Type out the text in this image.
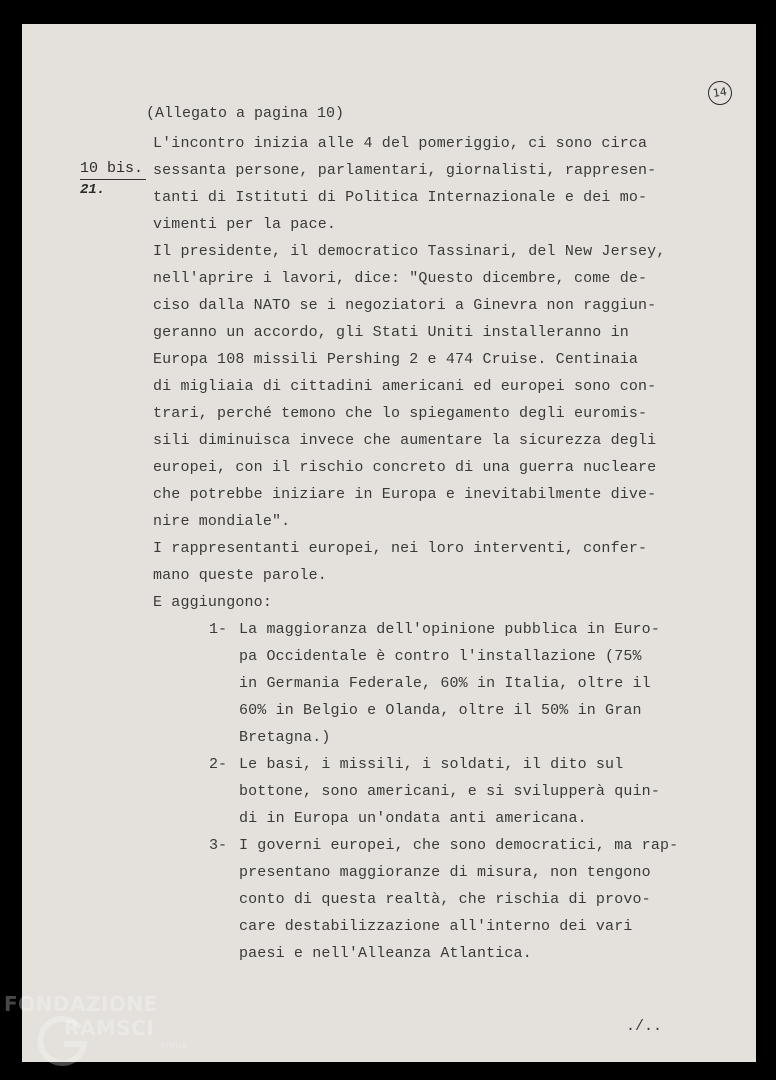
14
(Allegato a pagina 10)
10 bis.
21.
L'incontro inizia alle 4 del pomeriggio, ci sono circa
sessanta persone, parlamentari, giornalisti, rappresen-
tanti di Istituti di Politica Internazionale e dei mo-
vimenti per la pace.
Il presidente, il democratico Tassinari, del New Jersey,
nell'aprire i lavori, dice: "Questo dicembre, come de-
ciso dalla NATO se i negoziatori a Ginevra non raggiun-
geranno un accordo, gli Stati Uniti installeranno in
Europa 108 missili Pershing 2 e 474 Cruise. Centinaia
di migliaia di cittadini americani ed europei sono con-
trari, perché temono che lo spiegamento degli euromis-
sili diminuisca invece che aumentare la sicurezza degli
europei, con il rischio concreto di una guerra nucleare
che potrebbe iniziare in Europa e inevitabilmente dive-
nire mondiale".
I rappresentanti europei, nei loro interventi, confer-
mano queste parole.
E aggiungono:
1- La maggioranza dell'opinione pubblica in Euro-
pa Occidentale è contro l'installazione (75%
in Germania Federale, 60% in Italia, oltre il
60% in Belgio e Olanda, oltre il 50% in Gran
Bretagna.)
2- Le basi, i missili, i soldati, il dito sul
bottone, sono americani, e si svilupperà quin-
di in Europa un'ondata anti americana.
3- I governi europei, che sono democratici, ma rap-
presentano maggioranze di misura, non tengono
conto di questa realtà, che rischia di provo-
care destabilizzazione all'interno dei vari
paesi e nell'Alleanza Atlantica.
./..
FONDAZIONE
RAMSCI
onlus
